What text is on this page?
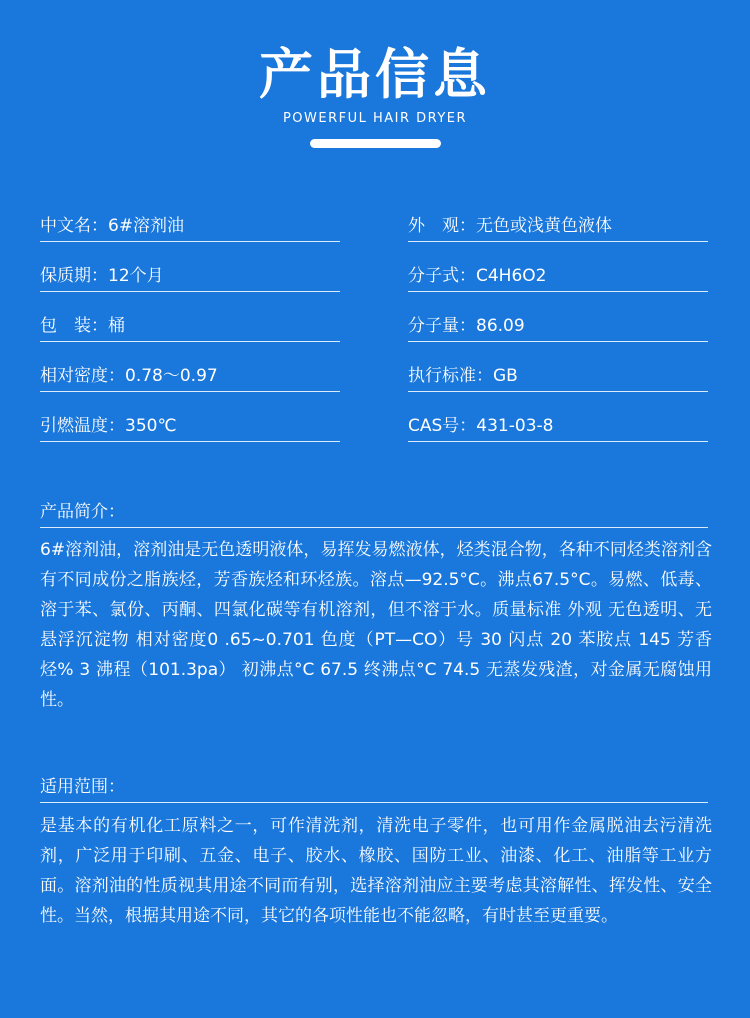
产品信息
POWERFUL HAIR DRYER
中文名：6#溶剂油
保质期：12个月
包　装：桶
相对密度：0.78～0.97
引燃温度：350℃
外　观：无色或浅黄色液体
分子式：C4H6O2
分子量：86.09
执行标准：GB
CAS号：431-03-8
产品简介：
6#溶剂油，溶剂油是无色透明液体，易挥发易燃液体，烃类混合物，各种不同烃类溶剂含有不同成份之脂族烃，芳香族烃和环烃族。溶点—92.5°C。沸点67.5°C。易燃、低毒、溶于苯、氯份、丙酮、四氯化碳等有机溶剂，但不溶于水。质量标准 外观 无色透明、无悬浮沉淀物 相对密度0 .65~0.701 色度（PT—CO）号 30 闪点 20 苯胺点 145 芳香烃% 3 沸程（101.3pa） 初沸点°C 67.5 终沸点°C 74.5 无蒸发残渣，对金属无腐蚀用性。
适用范围：
是基本的有机化工原料之一，可作清洗剂，清洗电子零件，也可用作金属脱油去污清洗剂，广泛用于印刷、五金、电子、胶水、橡胶、国防工业、油漆、化工、油脂等工业方面。溶剂油的性质视其用途不同而有别，选择溶剂油应主要考虑其溶解性、挥发性、安全性。当然，根据其用途不同，其它的各项性能也不能忽略，有时甚至更重要。
